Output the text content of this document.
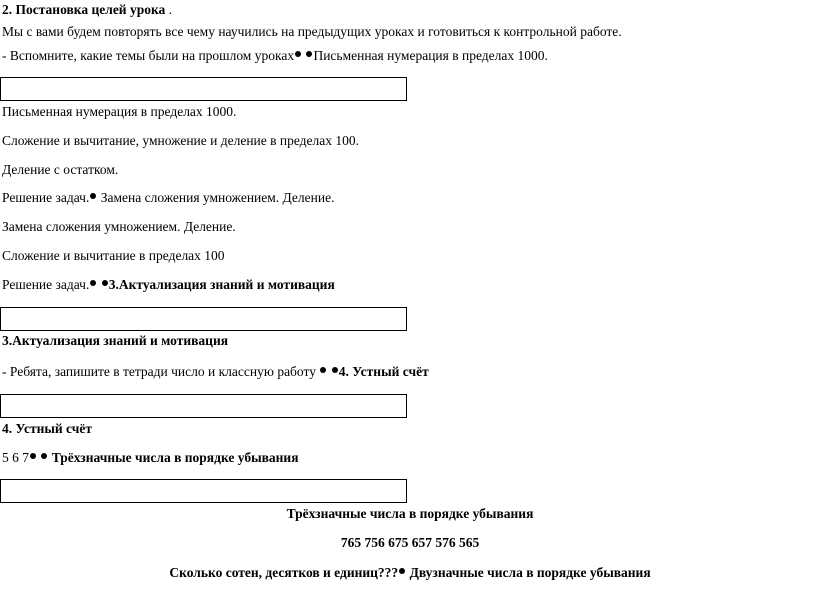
2. Постановка целей урока .
Мы с вами будем повторять все чему научились на предыдущих уроках и готовиться к контрольной работе.
- Вспомните, какие темы были на прошлом уроках Письменная нумерация в пределах 1000.
Письменная нумерация в пределах 1000.
Сложение и вычитание, умножение и деление в пределах 100.
Деление с остатком.
Решение задач. Замена сложения умножением. Деление.
Замена сложения умножением. Деление.
Сложение и вычитание в пределах 100
Решение задач. 3.Актуализация знаний и мотивация
3.Актуализация знаний и мотивация
- Ребята, запишите в тетради число и классную работу  4. Устный счёт
4. Устный счёт
5 6 7  Трёхзначные числа в порядке убывания
Трёхзначные числа в порядке убывания
765 756 675 657 576 565
Сколько сотен, десятков и единиц??? Двузначные числа в порядке убывания
